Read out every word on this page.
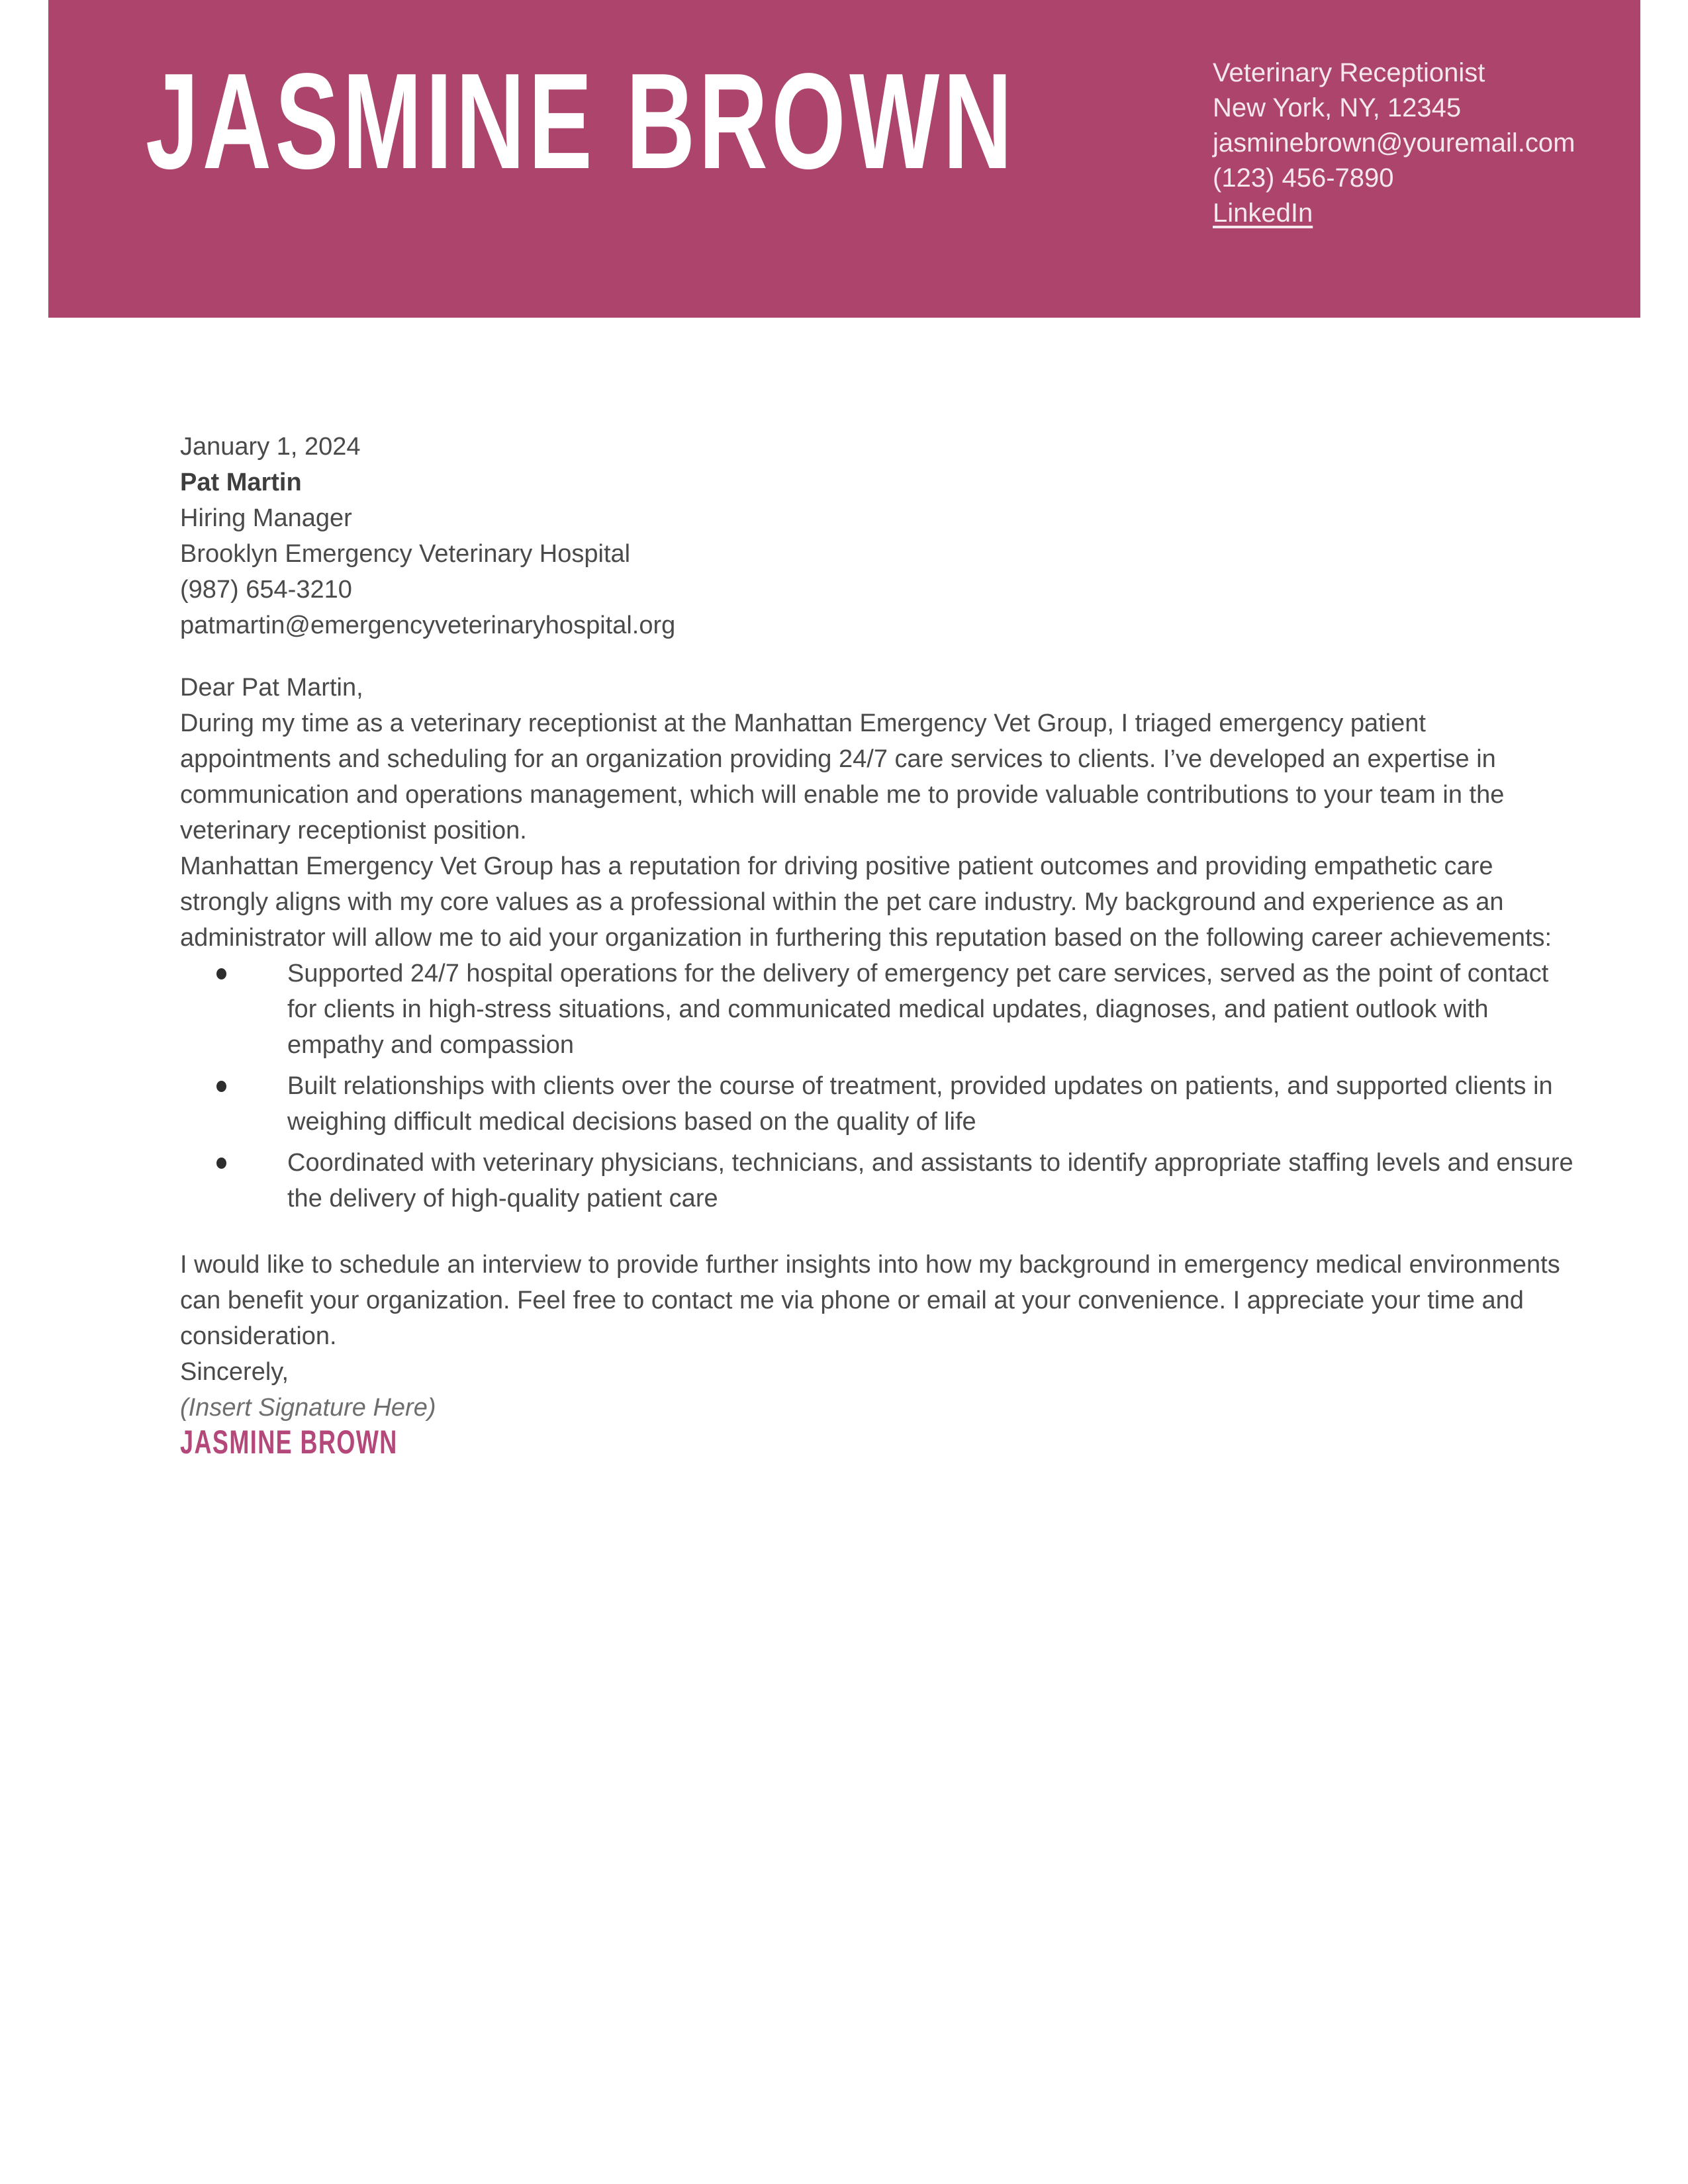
JASMINE BROWN	Veterinary Receptionist
New York, NY, 12345
jasminebrown@youremail.com
(123) 456-7890
LinkedIn

January 1, 2024

Pat Martin
Hiring Manager
Brooklyn Emergency Veterinary Hospital
(987) 654-3210
patmartin@emergencyveterinaryhospital.org

Dear Pat Martin,

During my time as a veterinary receptionist at the Manhattan Emergency Vet Group, I triaged emergency patient appointments and scheduling for an organization providing 24/7 care services to clients. I’ve developed an expertise in communication and operations management, which will enable me to provide valuable contributions to your team in the veterinary receptionist position.

Manhattan Emergency Vet Group has a reputation for driving positive patient outcomes and providing empathetic care strongly aligns with my core values as a professional within the pet care industry. My background and experience as an administrator will allow me to aid your organization in furthering this reputation based on the following career achievements:

Supported 24/7 hospital operations for the delivery of emergency pet care services, served as the point of contact for clients in high-stress situations, and communicated medical updates, diagnoses, and patient outlook with empathy and compassion
Built relationships with clients over the course of treatment, provided updates on patients, and supported clients in weighing difficult medical decisions based on the quality of life
Coordinated with veterinary physicians, technicians, and assistants to identify appropriate staffing levels and ensure the delivery of high-quality patient care

I would like to schedule an interview to provide further insights into how my background in emergency medical environments can benefit your organization. Feel free to contact me via phone or email at your convenience. I appreciate your time and consideration.

Sincerely,

(Insert Signature Here)

JASMINE BROWN
